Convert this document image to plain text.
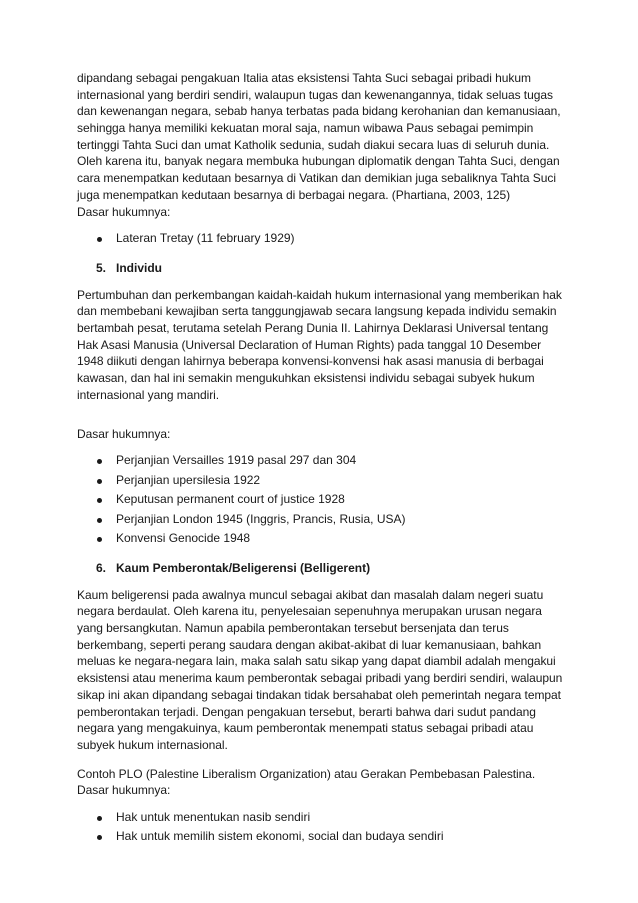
dipandang sebagai pengakuan Italia atas eksistensi Tahta Suci sebagai pribadi hukum
internasional yang berdiri sendiri, walaupun tugas dan kewenangannya, tidak seluas tugas
dan kewenangan negara, sebab hanya terbatas pada bidang kerohanian dan kemanusiaan,
sehingga hanya memiliki kekuatan moral saja, namun wibawa Paus sebagai pemimpin
tertinggi Tahta Suci dan umat Katholik sedunia, sudah diakui secara luas di seluruh dunia.
Oleh karena itu, banyak negara membuka hubungan diplomatik dengan Tahta Suci, dengan
cara menempatkan kedutaan besarnya di Vatikan dan demikian juga sebaliknya Tahta Suci
juga menempatkan kedutaan besarnya di berbagai negara. (Phartiana, 2003, 125)
Dasar hukumnya:
Lateran Tretay (11 february 1929)
5. Individu
Pertumbuhan dan perkembangan kaidah-kaidah hukum internasional yang memberikan hak
dan membebani kewajiban serta tanggungjawab secara langsung kepada individu semakin
bertambah pesat, terutama setelah Perang Dunia II. Lahirnya Deklarasi Universal tentang
Hak Asasi Manusia (Universal Declaration of Human Rights) pada tanggal 10 Desember
1948 diikuti dengan lahirnya beberapa konvensi-konvensi hak asasi manusia di berbagai
kawasan, dan hal ini semakin mengukuhkan eksistensi individu sebagai subyek hukum
internasional yang mandiri.
Dasar hukumnya:
Perjanjian Versailles 1919 pasal 297 dan 304
Perjanjian upersilesia 1922
Keputusan permanent court of justice 1928
Perjanjian London 1945 (Inggris, Prancis, Rusia, USA)
Konvensi Genocide 1948
6. Kaum Pemberontak/Beligerensi (Belligerent)
Kaum beligerensi pada awalnya muncul sebagai akibat dan masalah dalam negeri suatu
negara berdaulat. Oleh karena itu, penyelesaian sepenuhnya merupakan urusan negara
yang bersangkutan. Namun apabila pemberontakan tersebut bersenjata dan terus
berkembang, seperti perang saudara dengan akibat-akibat di luar kemanusiaan, bahkan
meluas ke negara-negara lain, maka salah satu sikap yang dapat diambil adalah mengakui
eksistensi atau menerima kaum pemberontak sebagai pribadi yang berdiri sendiri, walaupun
sikap ini akan dipandang sebagai tindakan tidak bersahabat oleh pemerintah negara tempat
pemberontakan terjadi. Dengan pengakuan tersebut, berarti bahwa dari sudut pandang
negara yang mengakuinya, kaum pemberontak menempati status sebagai pribadi atau
subyek hukum internasional.
Contoh PLO (Palestine Liberalism Organization) atau Gerakan Pembebasan Palestina.
Dasar hukumnya:
Hak untuk menentukan nasib sendiri
Hak untuk memilih sistem ekonomi, social dan budaya sendiri
